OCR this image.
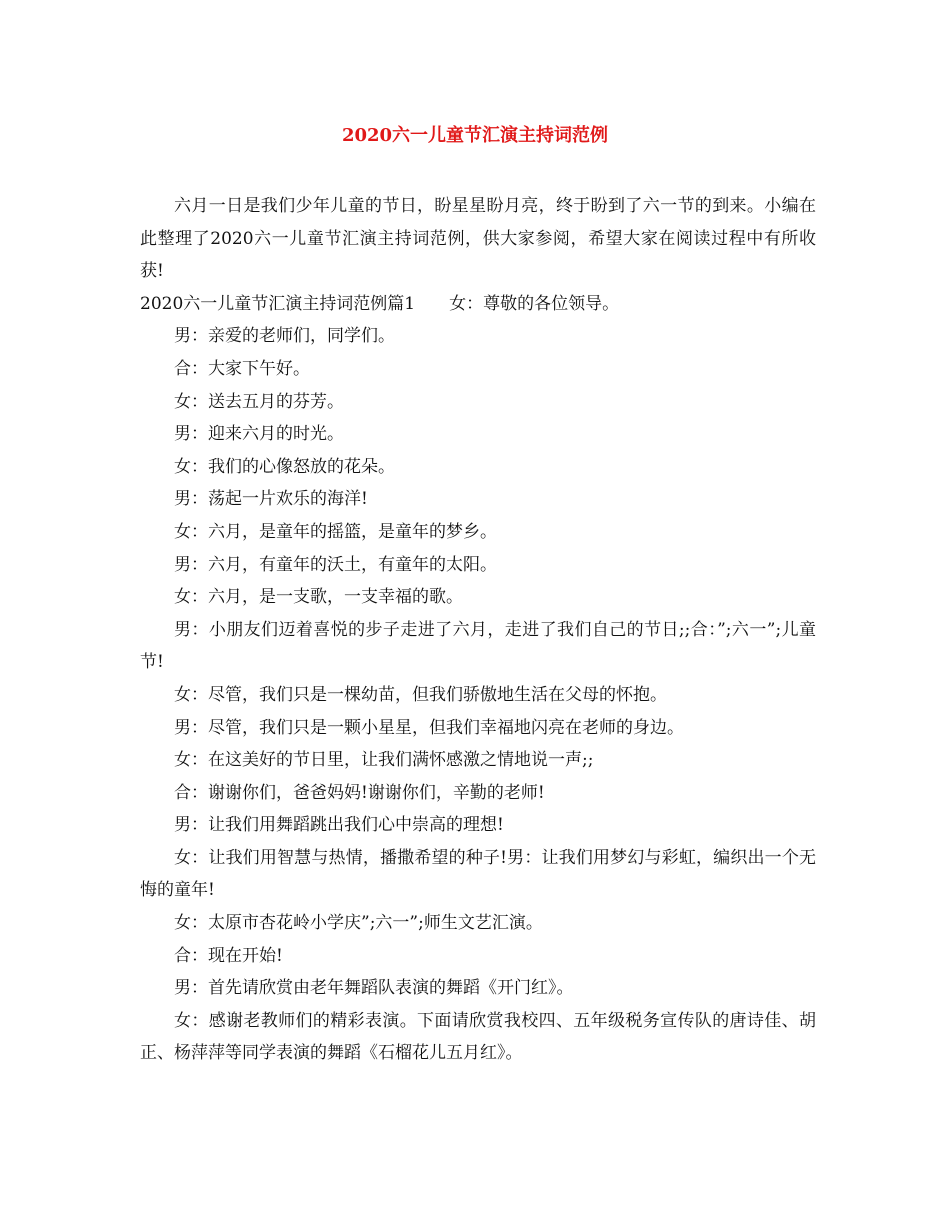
2020六一儿童节汇演主持词范例

六月一日是我们少年儿童的节日，盼星星盼月亮，终于盼到了六一节的到来。小编在此整理了2020六一儿童节汇演主持词范例，供大家参阅，希望大家在阅读过程中有所收获!

2020六一儿童节汇演主持词范例篇1 女：尊敬的各位领导。

男：亲爱的老师们，同学们。

合：大家下午好。

女：送去五月的芬芳。

男：迎来六月的时光。

女：我们的心像怒放的花朵。

男：荡起一片欢乐的海洋!

女：六月，是童年的摇篮，是童年的梦乡。

男：六月，有童年的沃土，有童年的太阳。

女：六月，是一支歌，一支幸福的歌。

男：小朋友们迈着喜悦的步子走进了六月，走进了我们自己的节日;;合：”;六一”;儿童节!

女：尽管，我们只是一棵幼苗，但我们骄傲地生活在父母的怀抱。

男：尽管，我们只是一颗小星星，但我们幸福地闪亮在老师的身边。

女：在这美好的节日里，让我们满怀感激之情地说一声;;

合：谢谢你们，爸爸妈妈!谢谢你们，辛勤的老师!

男：让我们用舞蹈跳出我们心中崇高的理想!

女：让我们用智慧与热情，播撒希望的种子!男：让我们用梦幻与彩虹，编织出一个无悔的童年!

女：太原市杏花岭小学庆”;六一”;师生文艺汇演。

合：现在开始!

男：首先请欣赏由老年舞蹈队表演的舞蹈《开门红》。

女：感谢老教师们的精彩表演。下面请欣赏我校四、五年级税务宣传队的唐诗佳、胡正、杨萍萍等同学表演的舞蹈《石榴花儿五月红》。
